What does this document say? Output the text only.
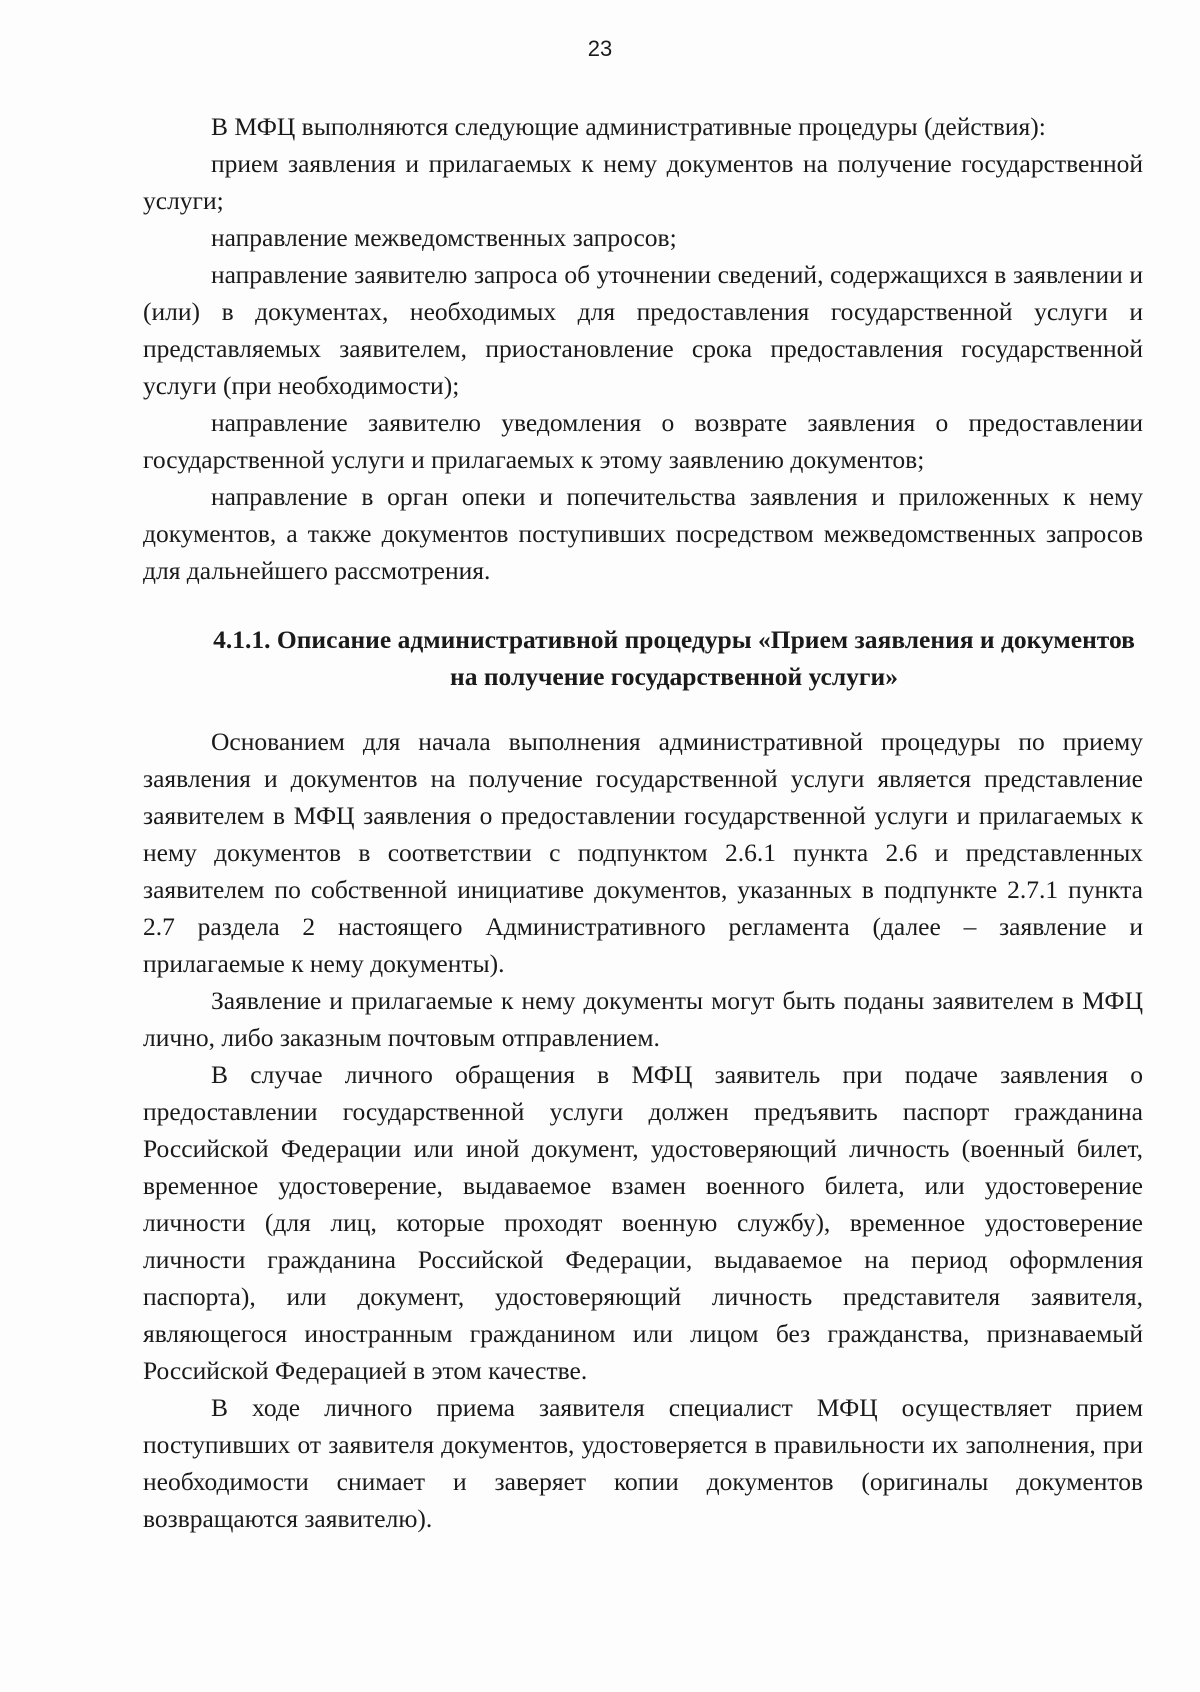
23

В МФЦ выполняются следующие административные процедуры (действия):

прием заявления и прилагаемых к нему документов на получение государственной услуги;

направление межведомственных запросов;

направление заявителю запроса об уточнении сведений, содержащихся в заявлении и (или) в документах, необходимых для предоставления государственной услуги и представляемых заявителем, приостановление срока предоставления государственной услуги (при необходимости);

направление заявителю уведомления о возврате заявления о предоставлении государственной услуги и прилагаемых к этому заявлению документов;

направление в орган опеки и попечительства заявления и приложенных к нему документов, а также документов поступивших посредством межведомственных запросов для дальнейшего рассмотрения.

4.1.1. Описание административной процедуры «Прием заявления и документов на получение государственной услуги»

Основанием для начала выполнения административной процедуры по приему заявления и документов на получение государственной услуги является представление заявителем в МФЦ заявления о предоставлении государственной услуги и прилагаемых к нему документов в соответствии с подпунктом 2.6.1 пункта 2.6 и представленных заявителем по собственной инициативе документов, указанных в подпункте 2.7.1 пункта 2.7 раздела 2 настоящего Административного регламента (далее – заявление и прилагаемые к нему документы).

Заявление и прилагаемые к нему документы могут быть поданы заявителем в МФЦ лично, либо заказным почтовым отправлением.

В случае личного обращения в МФЦ заявитель при подаче заявления о предоставлении государственной услуги должен предъявить паспорт гражданина Российской Федерации или иной документ, удостоверяющий личность (военный билет, временное удостоверение, выдаваемое взамен военного билета, или удостоверение личности (для лиц, которые проходят военную службу), временное удостоверение личности гражданина Российской Федерации, выдаваемое на период оформления паспорта), или документ, удостоверяющий личность представителя заявителя, являющегося иностранным гражданином или лицом без гражданства, признаваемый Российской Федерацией в этом качестве.

В ходе личного приема заявителя специалист МФЦ осуществляет прием поступивших от заявителя документов, удостоверяется в правильности их заполнения, при необходимости снимает и заверяет копии документов (оригиналы документов возвращаются заявителю).
